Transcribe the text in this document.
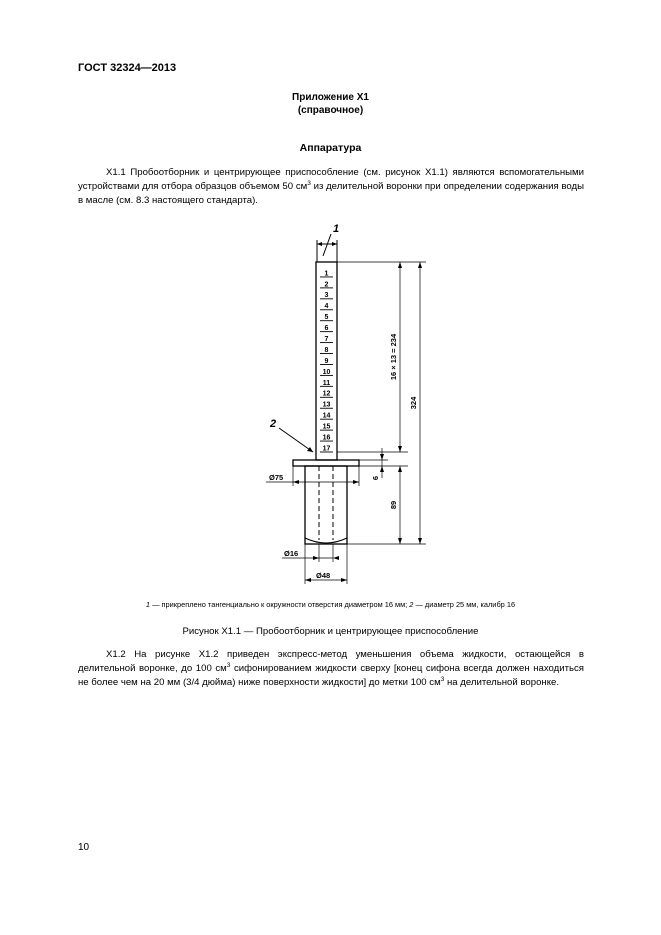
ГОСТ 32324—2013
Приложение Х1
(справочное)
Аппаратура

Х1.1 Пробоотборник и центрирующее приспособление (см. рисунок Х1.1) являются вспомогательными устройствами для отбора образцов объемом 50 $см^3$ из делительной воронки при определении содержания воды в масле (см. 8.3 настоящего стандарта).

1
2
3
4
5
6
7
8
9
10
11
12
13
14
15
16
17
1
2
16 × 13 = 234
324
6
89
Ø75
Ø16
Ø48
1 — прикреплено тангенциально к окружности отверстия диаметром 16 мм; 2 — диаметр 25 мм, калибр 16
Рисунок Х1.1 — Пробоотборник и центрирующее приспособление

Х1.2 На рисунке Х1.2 приведен экспресс-метод уменьшения объема жидкости, остающейся в делительной воронке, до 100 $см^3$ сифонированием жидкости сверху [конец сифона всегда должен находиться не более чем на 20 мм (3/4 дюйма) ниже поверхности жидкости] до метки 100 $см^3$ на делительной воронке.

10
